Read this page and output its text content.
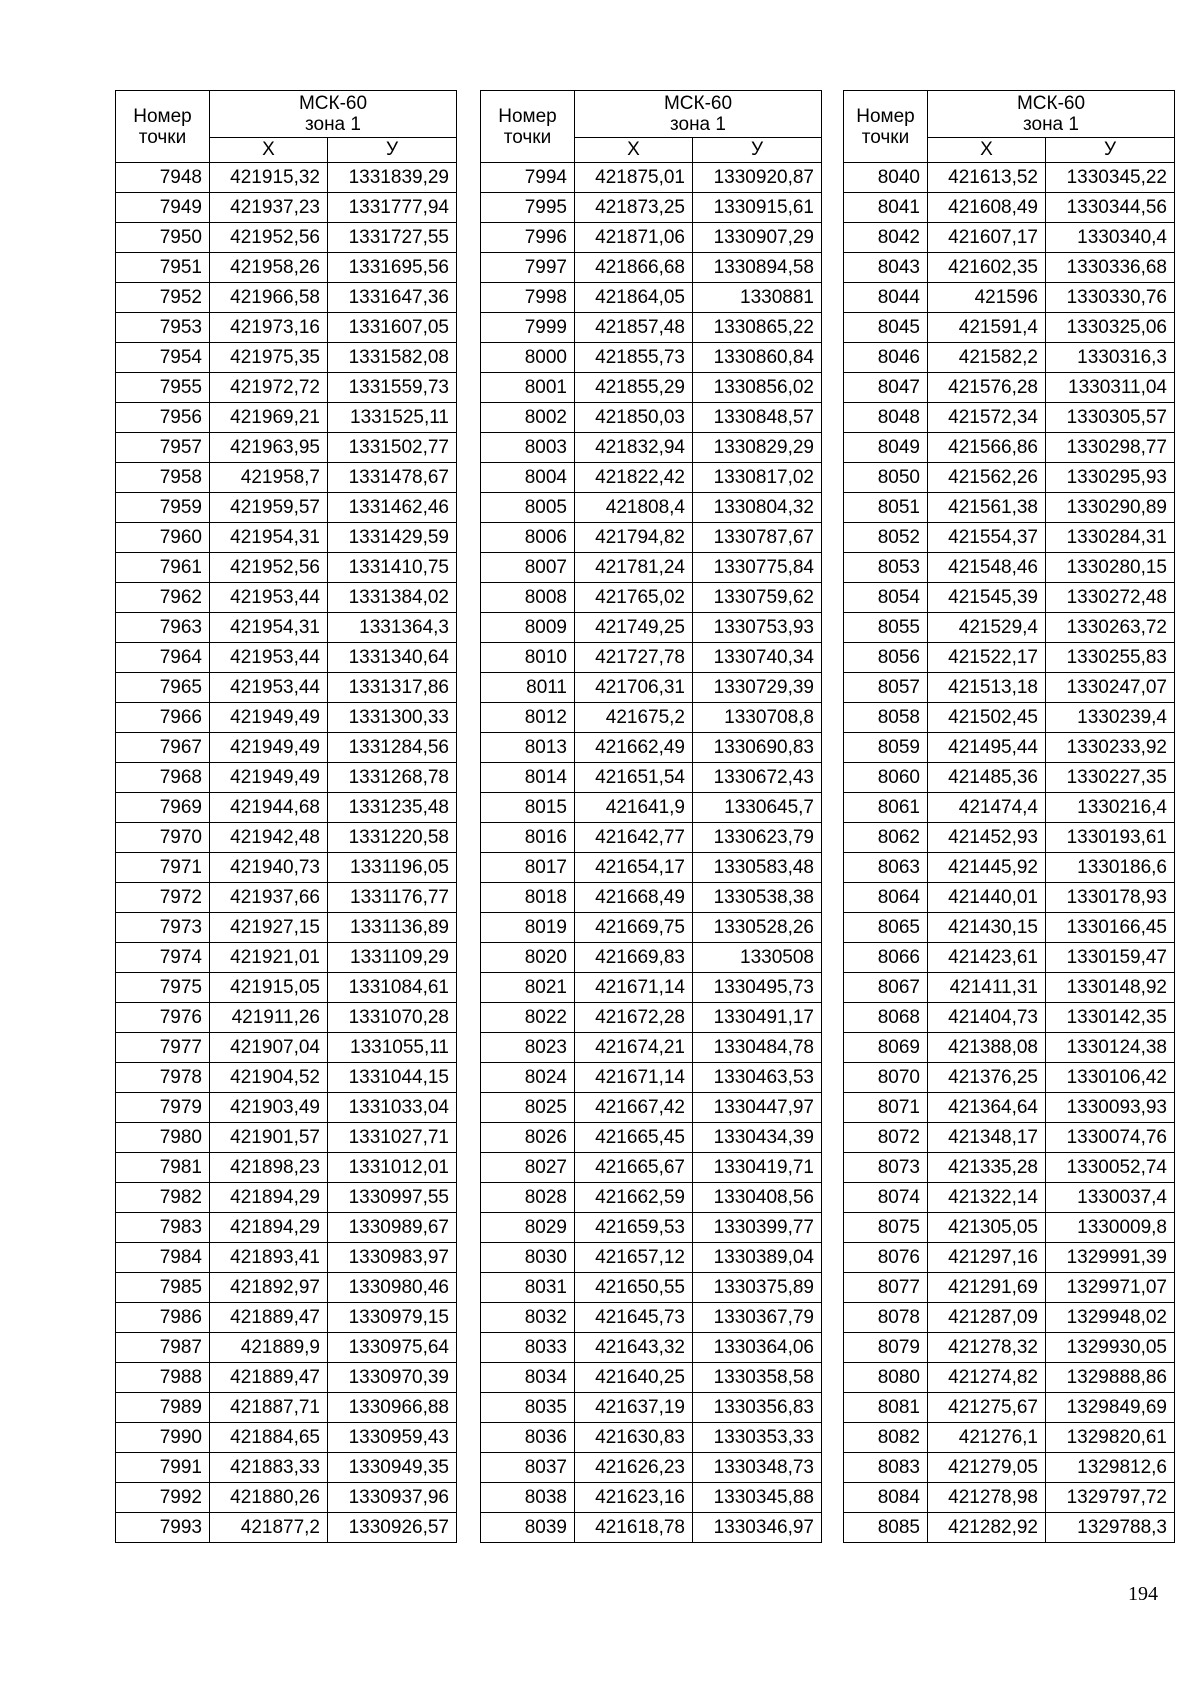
Номер
точки	МСК-60
зона 1	
	Х	У
7948	421915,32	1331839,29
7949	421937,23	1331777,94
7950	421952,56	1331727,55
7951	421958,26	1331695,56
7952	421966,58	1331647,36
7953	421973,16	1331607,05
7954	421975,35	1331582,08
7955	421972,72	1331559,73
7956	421969,21	1331525,11
7957	421963,95	1331502,77
7958	421958,7	1331478,67
7959	421959,57	1331462,46
7960	421954,31	1331429,59
7961	421952,56	1331410,75
7962	421953,44	1331384,02
7963	421954,31	1331364,3
7964	421953,44	1331340,64
7965	421953,44	1331317,86
7966	421949,49	1331300,33
7967	421949,49	1331284,56
7968	421949,49	1331268,78
7969	421944,68	1331235,48
7970	421942,48	1331220,58
7971	421940,73	1331196,05
7972	421937,66	1331176,77
7973	421927,15	1331136,89
7974	421921,01	1331109,29
7975	421915,05	1331084,61
7976	421911,26	1331070,28
7977	421907,04	1331055,11
7978	421904,52	1331044,15
7979	421903,49	1331033,04
7980	421901,57	1331027,71
7981	421898,23	1331012,01
7982	421894,29	1330997,55
7983	421894,29	1330989,67
7984	421893,41	1330983,97
7985	421892,97	1330980,46
7986	421889,47	1330979,15
7987	421889,9	1330975,64
7988	421889,47	1330970,39
7989	421887,71	1330966,88
7990	421884,65	1330959,43
7991	421883,33	1330949,35
7992	421880,26	1330937,96
7993	421877,2	1330926,57
Номер
точки	МСК-60
зона 1	
	Х	У
7994	421875,01	1330920,87
7995	421873,25	1330915,61
7996	421871,06	1330907,29
7997	421866,68	1330894,58
7998	421864,05	1330881
7999	421857,48	1330865,22
8000	421855,73	1330860,84
8001	421855,29	1330856,02
8002	421850,03	1330848,57
8003	421832,94	1330829,29
8004	421822,42	1330817,02
8005	421808,4	1330804,32
8006	421794,82	1330787,67
8007	421781,24	1330775,84
8008	421765,02	1330759,62
8009	421749,25	1330753,93
8010	421727,78	1330740,34
8011	421706,31	1330729,39
8012	421675,2	1330708,8
8013	421662,49	1330690,83
8014	421651,54	1330672,43
8015	421641,9	1330645,7
8016	421642,77	1330623,79
8017	421654,17	1330583,48
8018	421668,49	1330538,38
8019	421669,75	1330528,26
8020	421669,83	1330508
8021	421671,14	1330495,73
8022	421672,28	1330491,17
8023	421674,21	1330484,78
8024	421671,14	1330463,53
8025	421667,42	1330447,97
8026	421665,45	1330434,39
8027	421665,67	1330419,71
8028	421662,59	1330408,56
8029	421659,53	1330399,77
8030	421657,12	1330389,04
8031	421650,55	1330375,89
8032	421645,73	1330367,79
8033	421643,32	1330364,06
8034	421640,25	1330358,58
8035	421637,19	1330356,83
8036	421630,83	1330353,33
8037	421626,23	1330348,73
8038	421623,16	1330345,88
8039	421618,78	1330346,97
Номер
точки	МСК-60
зона 1	
	Х	У
8040	421613,52	1330345,22
8041	421608,49	1330344,56
8042	421607,17	1330340,4
8043	421602,35	1330336,68
8044	421596	1330330,76
8045	421591,4	1330325,06
8046	421582,2	1330316,3
8047	421576,28	1330311,04
8048	421572,34	1330305,57
8049	421566,86	1330298,77
8050	421562,26	1330295,93
8051	421561,38	1330290,89
8052	421554,37	1330284,31
8053	421548,46	1330280,15
8054	421545,39	1330272,48
8055	421529,4	1330263,72
8056	421522,17	1330255,83
8057	421513,18	1330247,07
8058	421502,45	1330239,4
8059	421495,44	1330233,92
8060	421485,36	1330227,35
8061	421474,4	1330216,4
8062	421452,93	1330193,61
8063	421445,92	1330186,6
8064	421440,01	1330178,93
8065	421430,15	1330166,45
8066	421423,61	1330159,47
8067	421411,31	1330148,92
8068	421404,73	1330142,35
8069	421388,08	1330124,38
8070	421376,25	1330106,42
8071	421364,64	1330093,93
8072	421348,17	1330074,76
8073	421335,28	1330052,74
8074	421322,14	1330037,4
8075	421305,05	1330009,8
8076	421297,16	1329991,39
8077	421291,69	1329971,07
8078	421287,09	1329948,02
8079	421278,32	1329930,05
8080	421274,82	1329888,86
8081	421275,67	1329849,69
8082	421276,1	1329820,61
8083	421279,05	1329812,6
8084	421278,98	1329797,72
8085	421282,92	1329788,3
194
